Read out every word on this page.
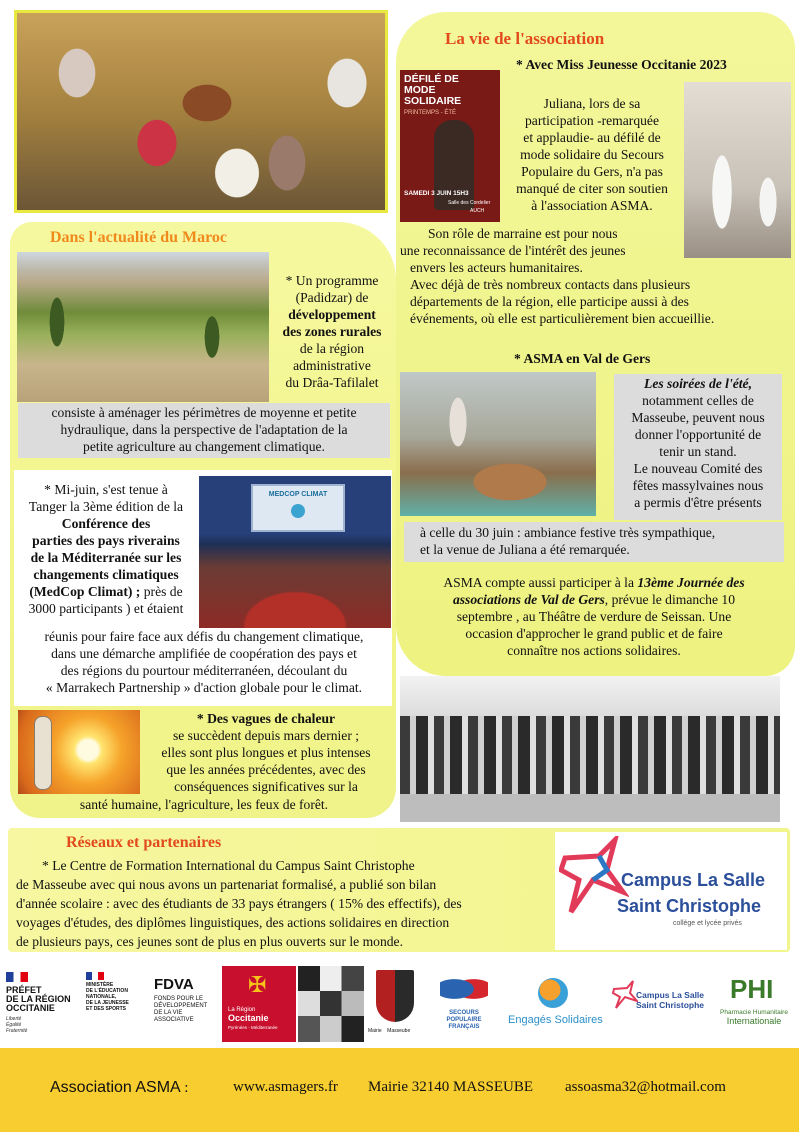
Dans l'actualité du Maroc
* Un programme
(Padidzar) de
développement
des zones rurales
de la région
administrative
du Drâa-Tafilalet
consiste à aménager les périmètres de moyenne et petite
hydraulique, dans la perspective de l'adaptation de la
petite agriculture au changement climatique.
* Mi-juin, s'est tenue à
Tanger la 3ème édition de la
Conférence des
parties des pays riverains
de la Méditerranée sur les
changements climatiques
(MedCop Climat) ; près de
3000 participants ) et étaient
MEDCOP CLIMAT
réunis pour faire face aux défis du changement climatique,
dans une démarche amplifiée de coopération des pays et
des régions du pourtour méditerranéen, découlant du
« Marrakech Partnership » d'action globale pour le climat.
* Des vagues de chaleur
se succèdent depuis mars dernier ;
elles sont plus longues et plus intenses
que les années précédentes, avec des
conséquences significatives sur la
santé humaine, l'agriculture, les feux de forêt.
La vie de l'association
* Avec Miss Jeunesse Occitanie 2023
DÉFILÉ DE
MODE
SOLIDAIRE
PRINTEMPS - ÉTÉ
SAMEDI 3 JUIN 15H3
Salle des Cordelier
AUCH
Juliana, lors de sa
participation -remarquée
et applaudie- au défilé de
mode solidaire du Secours
Populaire du Gers, n'a pas
manqué de citer son soutien
à l'association ASMA.
Son rôle de marraine est pour nous
une reconnaissance de l'intérêt des jeunes
envers les acteurs humanitaires.
Avec déjà de très nombreux contacts dans plusieurs
départements de la région, elle participe aussi à des
événements, où elle est particulièrement bien accueillie.
* ASMA en Val de Gers
Les soirées de l'été,
notamment celles de
Masseube, peuvent nous
donner l'opportunité de
tenir un stand.
Le nouveau Comité des
fêtes massylvaines nous
a permis d'être présents
à celle du 30 juin : ambiance festive très sympathique,
et la venue de Juliana a été remarquée.
ASMA compte aussi participer à la 13ème Journée des
associations de Val de Gers, prévue le dimanche 10
septembre , au Théâtre de verdure de Seissan. Une
occasion d'approcher le grand public et de faire
connaître nos actions solidaires.
Réseaux et partenaires
* Le Centre de Formation International du Campus Saint Christophe
de Masseube avec qui nous avons un partenariat formalisé, a publié son bilan
d'année scolaire : avec des étudiants de 33 pays étrangers ( 15% des effectifs), des
voyages d'études, des diplômes linguistiques, des actions solidaires en direction
de plusieurs pays, ces jeunes sont de plus en plus ouverts sur le monde.
Campus La Salle
Saint Christophe
collège et lycée privés
PRÉFET
DE LA RÉGION
OCCITANIE
Liberté
Égalité
Fraternité
MINISTÈRE
DE L'ÉDUCATION
NATIONALE,
DE LA JEUNESSE
ET DES SPORTS
FDVA
FONDS POUR LE
DÉVELOPPEMENT
DE LA VIE
ASSOCIATIVE
✠
La Région
Occitanie
Pyrénées - Méditerranée
Mairie    Masseube
SECOURS
POPULAIRE
FRANÇAIS
Engagés Solidaires
Campus La Salle
Saint Christophe
PHI
Pharmacie Humanitaire
Internationale
Association ASMA :	www.asmagers.fr Mairie 32140 MASSEUBE assoasma32@hotmail.com
